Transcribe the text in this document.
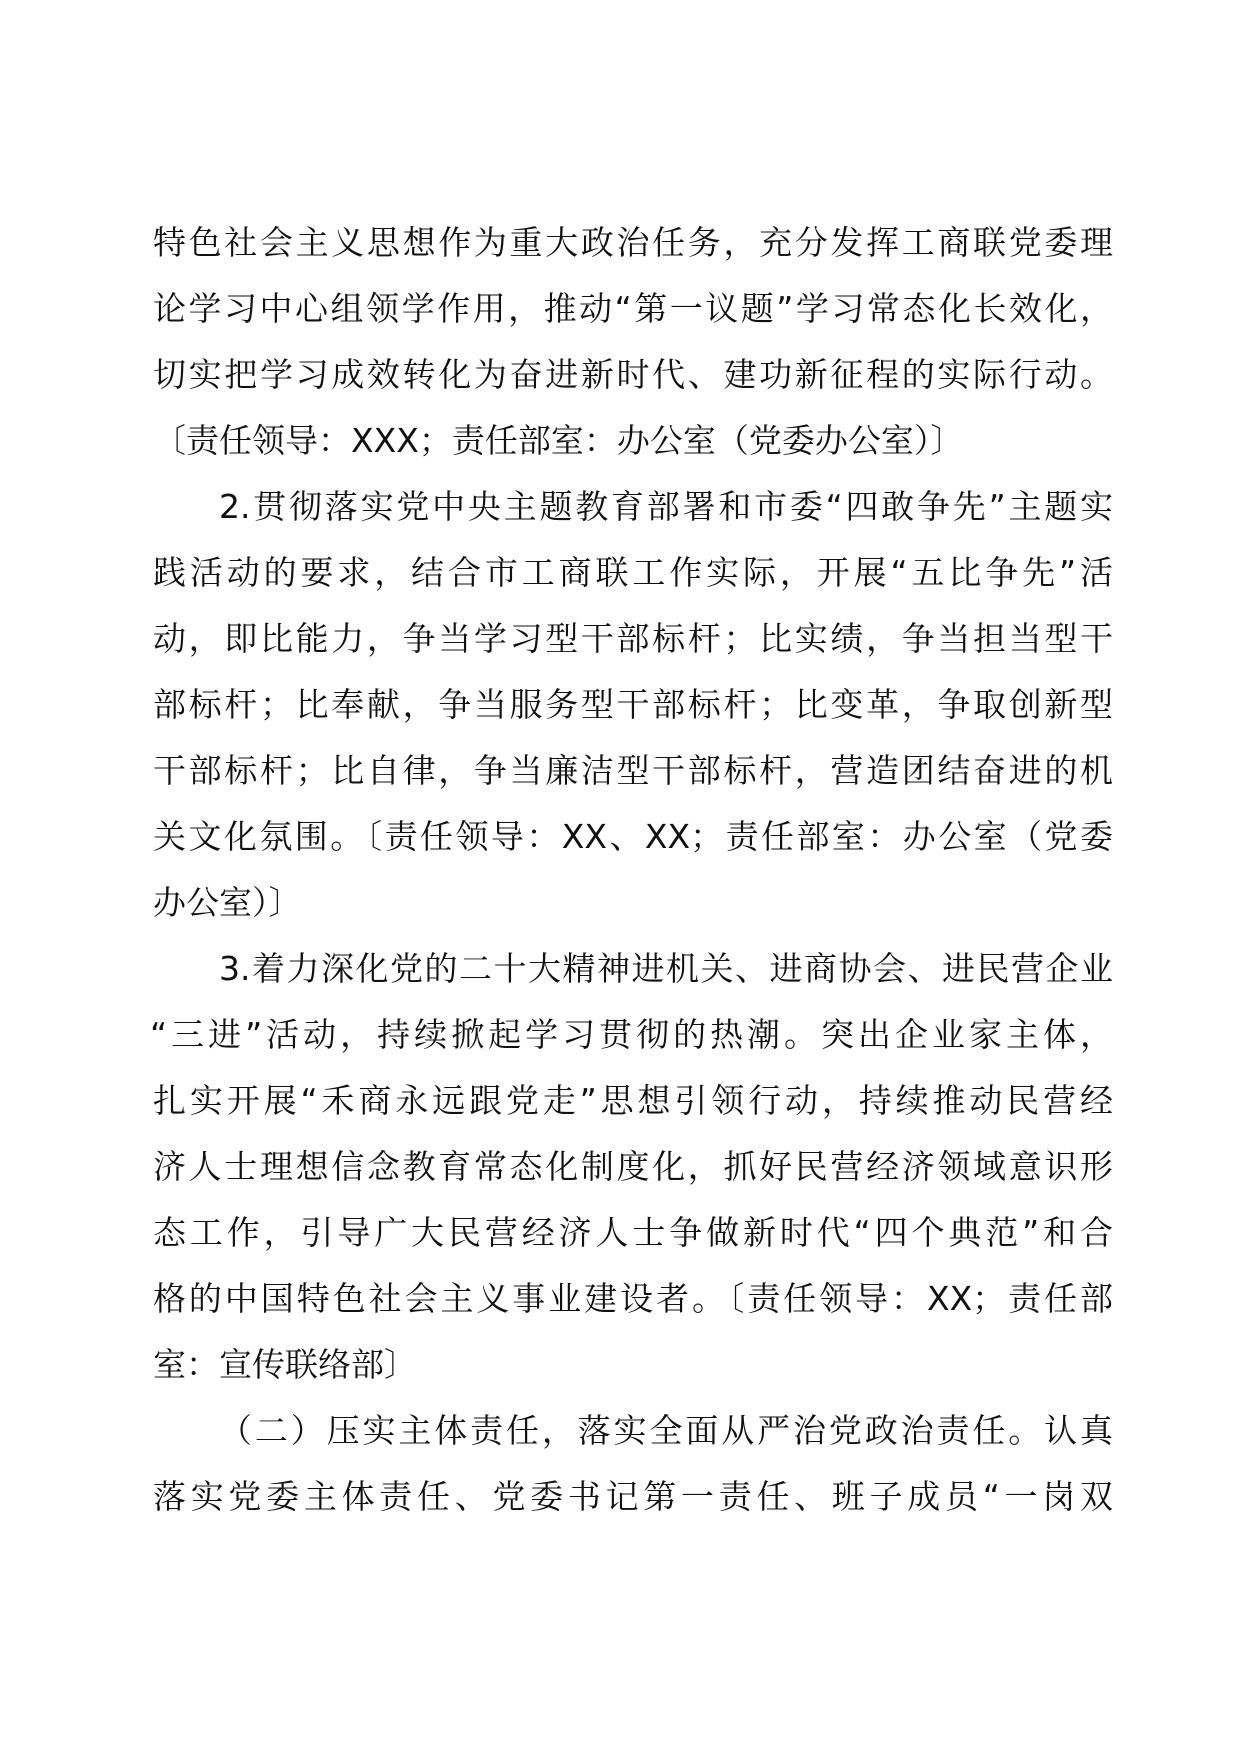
特色社会主义思想作为重大政治任务，充分发挥工商联党委理
论学习中心组领学作用，推动“第一议题”学习常态化长效化，
切实把学习成效转化为奋进新时代、建功新征程的实际行动。
〔责任领导：XXX；责任部室：办公室（党委办公室）〕
2.贯彻落实党中央主题教育部署和市委“四敢争先”主题实
践活动的要求，结合市工商联工作实际，开展“五比争先”活
动，即比能力，争当学习型干部标杆；比实绩，争当担当型干
部标杆；比奉献，争当服务型干部标杆；比变革，争取创新型
干部标杆；比自律，争当廉洁型干部标杆，营造团结奋进的机
关文化氛围。〔责任领导：XX、XX；责任部室：办公室（党委
办公室）〕
3.着力深化党的二十大精神进机关、进商协会、进民营企业
“三进”活动，持续掀起学习贯彻的热潮。突出企业家主体，
扎实开展“禾商永远跟党走”思想引领行动，持续推动民营经
济人士理想信念教育常态化制度化，抓好民营经济领域意识形
态工作，引导广大民营经济人士争做新时代“四个典范”和合
格的中国特色社会主义事业建设者。〔责任领导：XX；责任部
室：宣传联络部〕
（二）压实主体责任，落实全面从严治党政治责任。认真
落实党委主体责任、党委书记第一责任、班子成员“一岗双
